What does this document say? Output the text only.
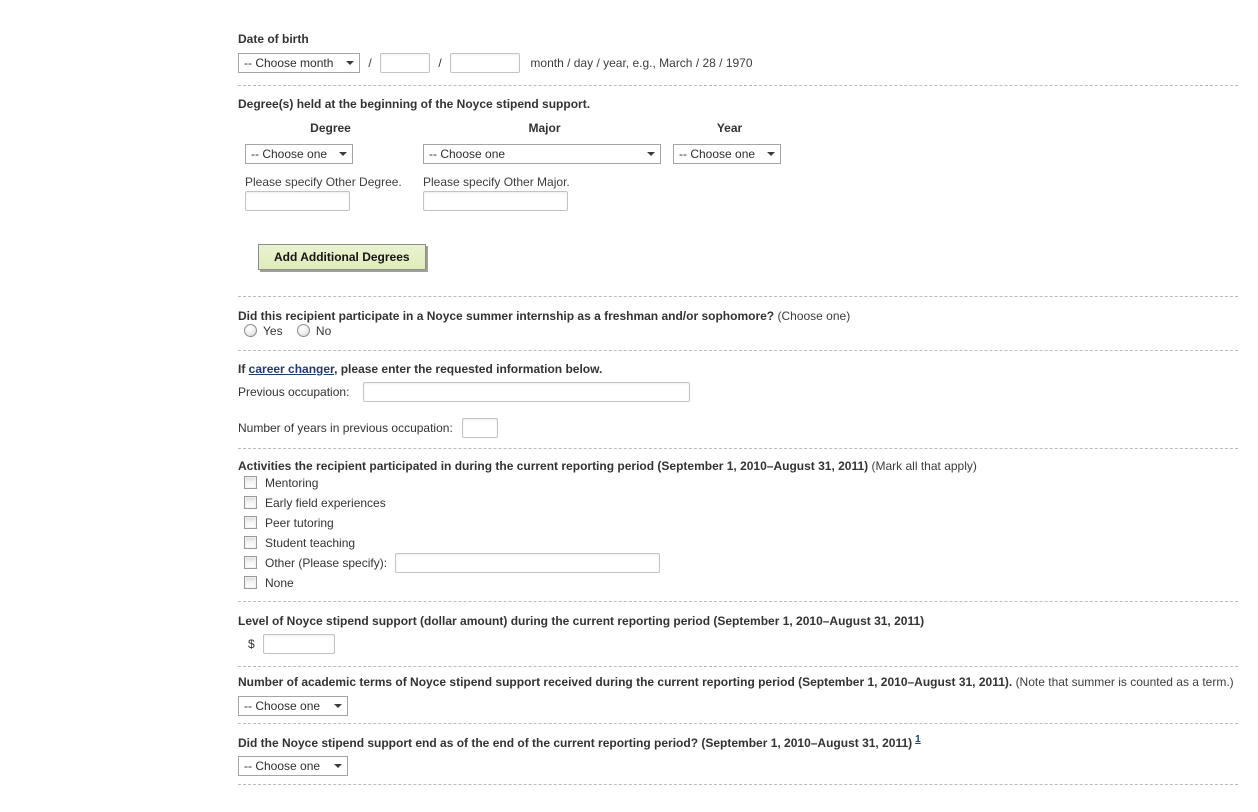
Date of birth
-- Choose month	/	/	month / day / year, e.g., March / 28 / 1970
Degree(s) held at the beginning of the Noyce stipend support.
Degree	Major	Year
-- Choose one	-- Choose one	-- Choose one
Please specify Other Degree.	Please specify Other Major.
Add Additional Degrees
Did this recipient participate in a Noyce summer internship as a freshman and/or sophomore? (Choose one)
Yes	No
If career changer, please enter the requested information below.
Previous occupation:
Number of years in previous occupation:
Activities the recipient participated in during the current reporting period (September 1, 2010–August 31, 2011) (Mark all that apply)
Mentoring
Early field experiences
Peer tutoring
Student teaching
Other (Please specify):
None
Level of Noyce stipend support (dollar amount) during the current reporting period (September 1, 2010–August 31, 2011)
$
Number of academic terms of Noyce stipend support received during the current reporting period (September 1, 2010–August 31, 2011). (Note that summer is counted as a term.)
-- Choose one
Did the Noyce stipend support end as of the end of the current reporting period? (September 1, 2010–August 31, 2011) $^1$
-- Choose one
